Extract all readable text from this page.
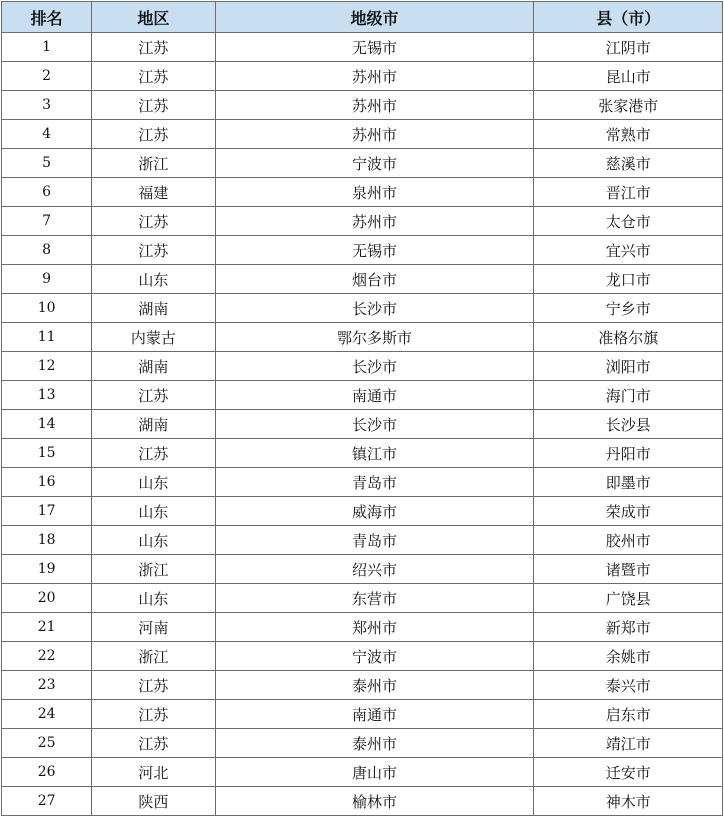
排名	地区	地级市	县（市）
1	江苏	无锡市	江阴市
2	江苏	苏州市	昆山市
3	江苏	苏州市	张家港市
4	江苏	苏州市	常熟市
5	浙江	宁波市	慈溪市
6	福建	泉州市	晋江市
7	江苏	苏州市	太仓市
8	江苏	无锡市	宜兴市
9	山东	烟台市	龙口市
10	湖南	长沙市	宁乡市
11	内蒙古	鄂尔多斯市	准格尔旗
12	湖南	长沙市	浏阳市
13	江苏	南通市	海门市
14	湖南	长沙市	长沙县
15	江苏	镇江市	丹阳市
16	山东	青岛市	即墨市
17	山东	威海市	荣成市
18	山东	青岛市	胶州市
19	浙江	绍兴市	诸暨市
20	山东	东营市	广饶县
21	河南	郑州市	新郑市
22	浙江	宁波市	余姚市
23	江苏	泰州市	泰兴市
24	江苏	南通市	启东市
25	江苏	泰州市	靖江市
26	河北	唐山市	迁安市
27	陕西	榆林市	神木市
